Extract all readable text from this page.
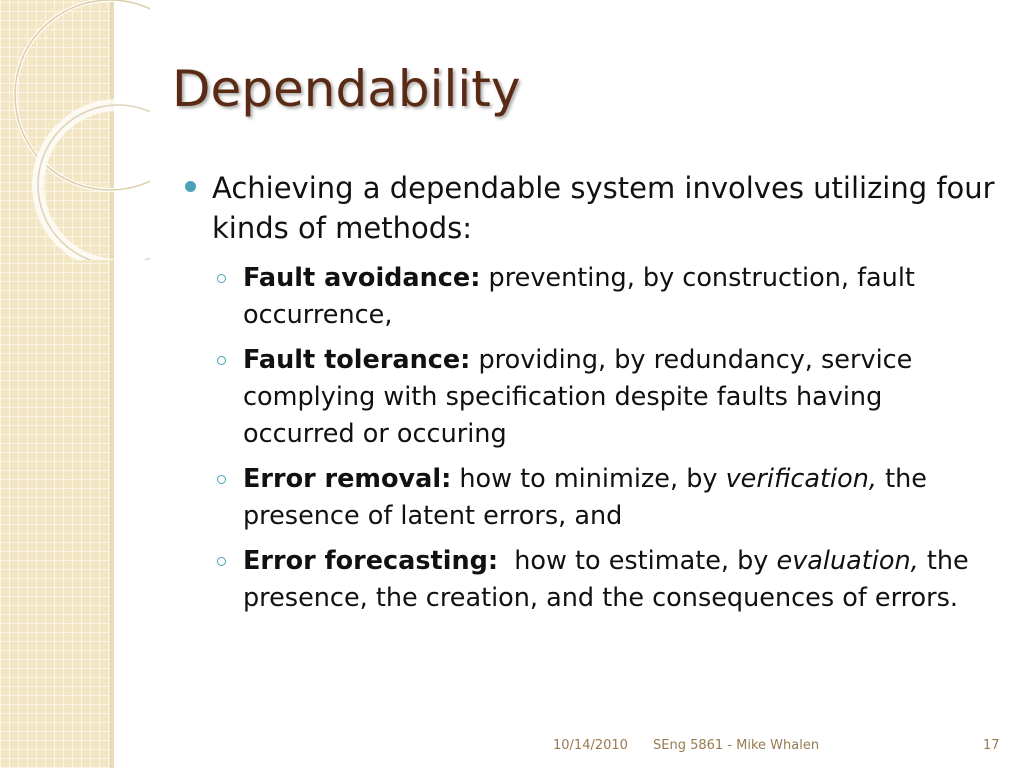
Dependability
Achieving a dependable system involves utilizing four kinds of methods:
Fault avoidance: preventing, by construction, fault occurrence,
Fault tolerance: providing, by redundancy, service complying with specification despite faults having occurred or occuring
Error removal: how to minimize, by verification, the presence of latent errors, and
Error forecasting:  how to estimate, by evaluation, the presence, the creation, and the consequences of errors.
10/14/2010 SEng 5861 - Mike Whalen	17
